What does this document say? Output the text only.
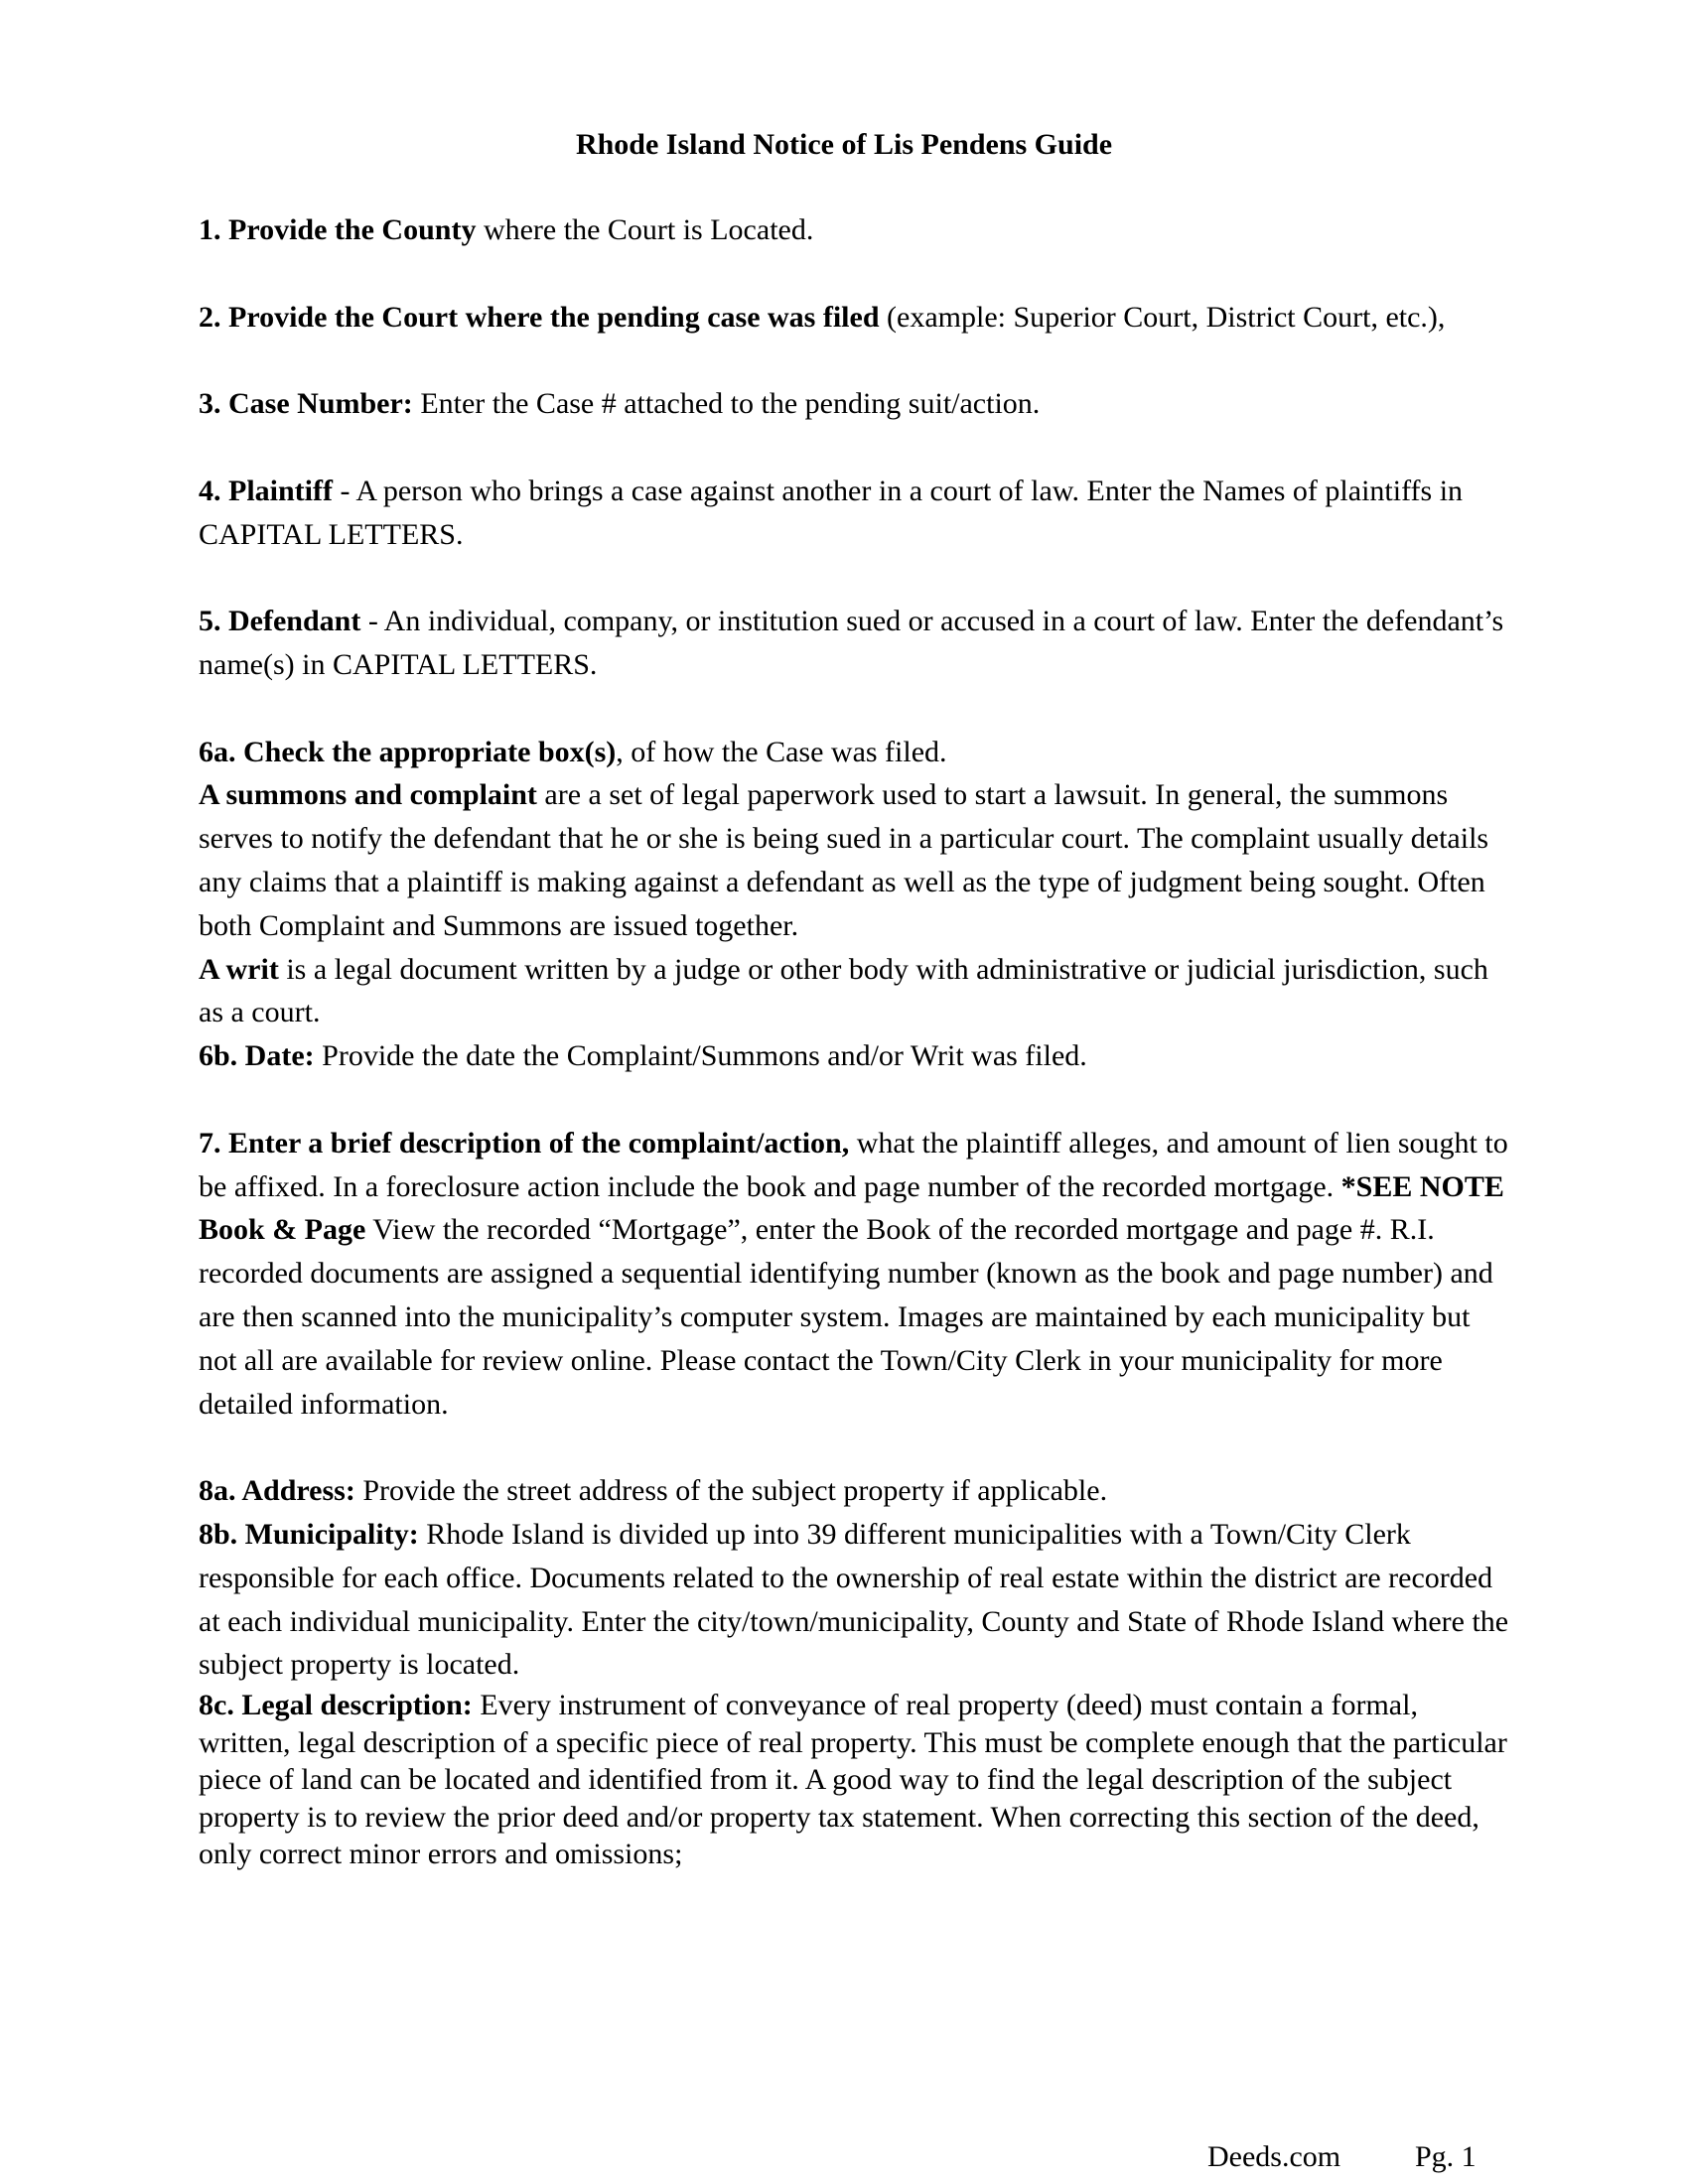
Rhode Island Notice of Lis Pendens Guide

1. Provide the County where the Court is Located.

2. Provide the Court where the pending case was filed (example: Superior Court, District Court, etc.),

3. Case Number: Enter the Case # attached to the pending suit/action.

4. Plaintiff - A person who brings a case against another in a court of law. Enter the Names of plaintiffs in CAPITAL LETTERS.

5. Defendant - An individual, company, or institution sued or accused in a court of law. Enter the defendant’s name(s) in CAPITAL LETTERS.

6a. Check the appropriate box(s), of how the Case was filed.

A summons and complaint are a set of legal paperwork used to start a lawsuit. In general, the summons serves to notify the defendant that he or she is being sued in a particular court. The complaint usually details any claims that a plaintiff is making against a defendant as well as the type of judgment being sought. Often both Complaint and Summons are issued together.

A writ is a legal document written by a judge or other body with administrative or judicial jurisdiction, such as a court.

6b. Date: Provide the date the Complaint/Summons and/or Writ was filed.

7. Enter a brief description of the complaint/action, what the plaintiff alleges, and amount of lien sought to be affixed. In a foreclosure action include the book and page number of the recorded mortgage. *SEE NOTE

Book & Page View the recorded “Mortgage”, enter the Book of the recorded mortgage and page #. R.I. recorded documents are assigned a sequential identifying number (known as the book and page number) and are then scanned into the municipality’s computer system. Images are maintained by each municipality but not all are available for review online. Please contact the Town/City Clerk in your municipality for more detailed information.

8a. Address: Provide the street address of the subject property if applicable.

8b. Municipality: Rhode Island is divided up into 39 different municipalities with a Town/City Clerk responsible for each office. Documents related to the ownership of real estate within the district are recorded at each individual municipality. Enter the city/town/municipality, County and State of Rhode Island where the subject property is located.

8c. Legal description: Every instrument of conveyance of real property (deed) must contain a formal, written, legal description of a specific piece of real property. This must be complete enough that the particular piece of land can be located and identified from it. A good way to find the legal description of the subject property is to review the prior deed and/or property tax statement. When correcting this section of the deed, only correct minor errors and omissions;

Deeds.com Pg. 1
